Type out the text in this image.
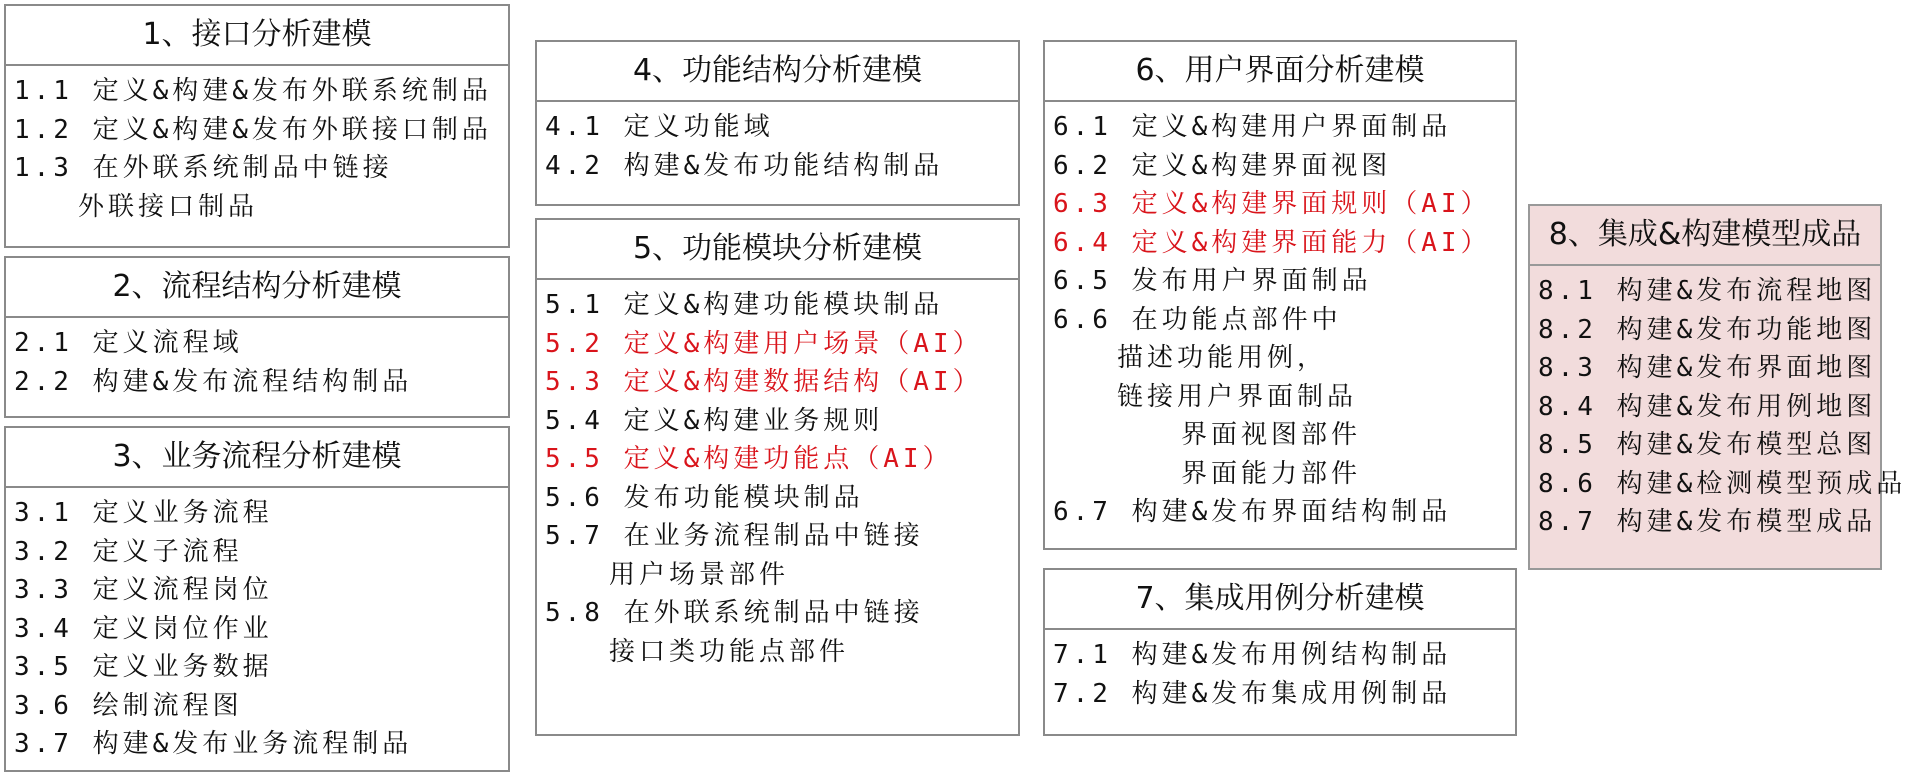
1、接口分析建模
1.1 定义&构建&发布外联系统制品
1.2 定义&构建&发布外联接口制品
1.3 在外联系统制品中链接
外联接口制品
2、流程结构分析建模
2.1 定义流程域
2.2 构建&发布流程结构制品
3、业务流程分析建模
3.1 定义业务流程
3.2 定义子流程
3.3 定义流程岗位
3.4 定义岗位作业
3.5 定义业务数据
3.6 绘制流程图
3.7 构建&发布业务流程制品
4、功能结构分析建模
4.1 定义功能域
4.2 构建&发布功能结构制品
5、功能模块分析建模
5.1 定义&构建功能模块制品
5.2 定义&构建用户场景（AI）
5.3 定义&构建数据结构（AI）
5.4 定义&构建业务规则
5.5 定义&构建功能点（AI）
5.6 发布功能模块制品
5.7 在业务流程制品中链接
用户场景部件
5.8 在外联系统制品中链接
接口类功能点部件
6、用户界面分析建模
6.1 定义&构建用户界面制品
6.2 定义&构建界面视图
6.3 定义&构建界面规则（AI）
6.4 定义&构建界面能力（AI）
6.5 发布用户界面制品
6.6 在功能点部件中
描述功能用例，
链接用户界面制品
界面视图部件
界面能力部件
6.7 构建&发布界面结构制品
7、集成用例分析建模
7.1 构建&发布用例结构制品
7.2 构建&发布集成用例制品
8、集成&构建模型成品
8.1 构建&发布流程地图
8.2 构建&发布功能地图
8.3 构建&发布界面地图
8.4 构建&发布用例地图
8.5 构建&发布模型总图
8.6 构建&检测模型预成品
8.7 构建&发布模型成品
